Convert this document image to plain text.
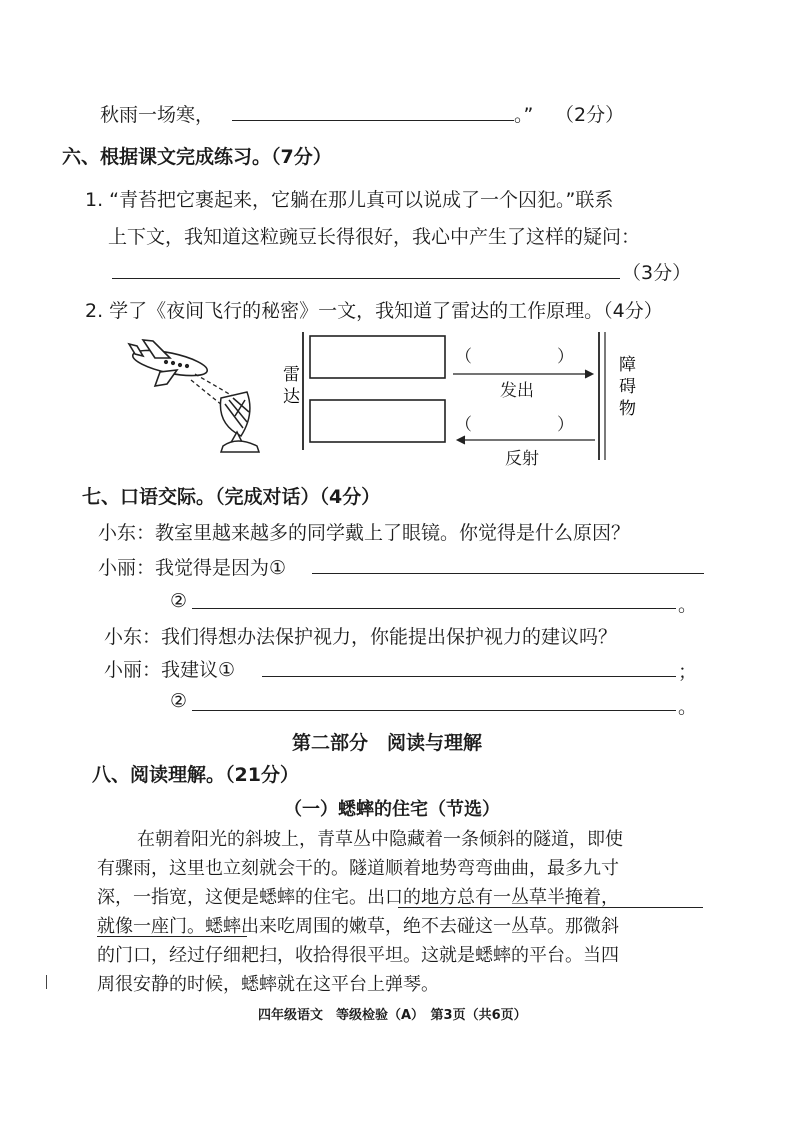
秋雨一场寒，	。” （2分）
六、根据课文完成练习。（7分）
1. “青苔把它裹起来，它躺在那儿真可以说成了一个囚犯。”联系
上下文，我知道这粒豌豆长得很好，我心中产生了这样的疑问：
（3分）
2. 学了《夜间飞行的秘密》一文，我知道了雷达的工作原理。（4分）
雷
达
障
碍
物
（　　　　　）
发出
（　　　　　）
反射
七、口语交际。（完成对话）（4分）
小东：教室里越来越多的同学戴上了眼镜。你觉得是什么原因？
小丽：我觉得是因为①
②	。
小东：我们得想办法保护视力，你能提出保护视力的建议吗？
小丽：我建议①	；
②	。
第二部分　阅读与理解
八、阅读理解。（21分）
（一）蟋蟀的住宅（节选）
在朝着阳光的斜坡上，青草丛中隐藏着一条倾斜的隧道，即使
有骤雨，这里也立刻就会干的。隧道顺着地势弯弯曲曲，最多九寸
深，一指宽，这便是蟋蟀的住宅。出口的地方总有一丛草半掩着，
就像一座门。蟋蟀出来吃周围的嫩草，绝不去碰这一丛草。那微斜
的门口，经过仔细耙扫，收拾得很平坦。这就是蟋蟀的平台。当四
周很安静的时候，蟋蟀就在这平台上弹琴。
四年级语文　等级检验（A）　第3页（共6页）
